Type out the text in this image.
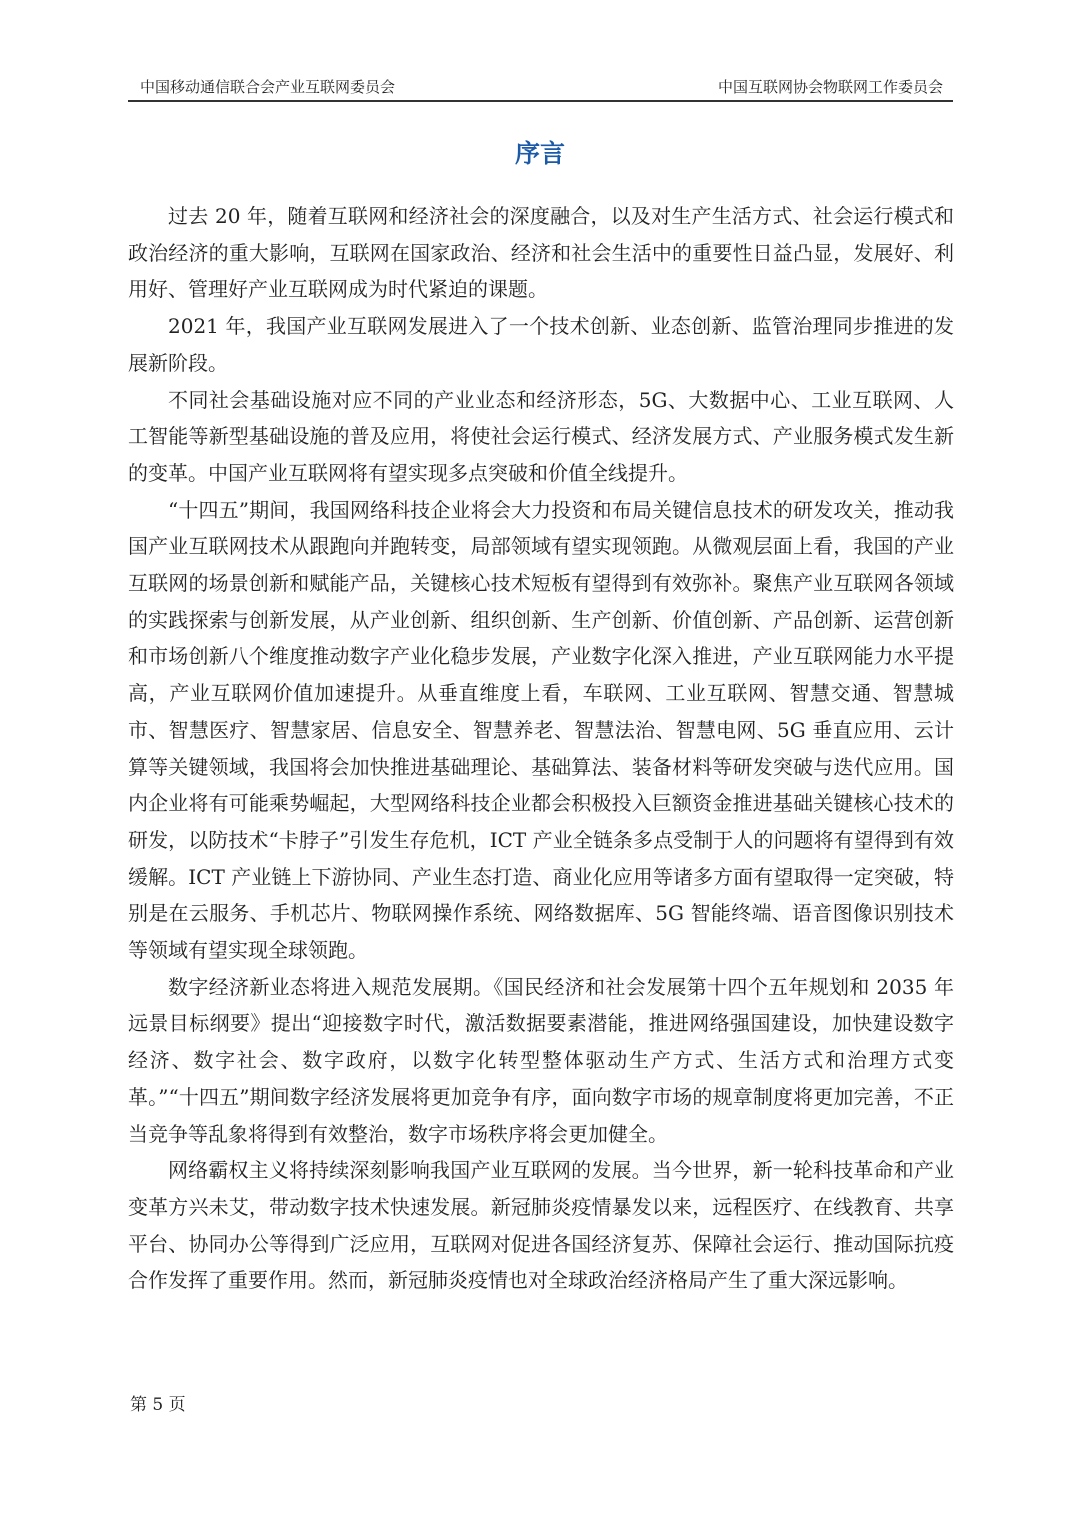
中国移动通信联合会产业互联网委员会	中国互联网协会物联网工作委员会
序言

过去 20 年，随着互联网和经济社会的深度融合，以及对生产生活方式、社会运行模式和政治经济的重大影响，互联网在国家政治、经济和社会生活中的重要性日益凸显，发展好、利用好、管理好产业互联网成为时代紧迫的课题。

2021 年，我国产业互联网发展进入了一个技术创新、业态创新、监管治理同步推进的发展新阶段。

不同社会基础设施对应不同的产业业态和经济形态，5G、大数据中心、工业互联网、人工智能等新型基础设施的普及应用，将使社会运行模式、经济发展方式、产业服务模式发生新的变革。中国产业互联网将有望实现多点突破和价值全线提升。

“十四五”期间，我国网络科技企业将会大力投资和布局关键信息技术的研发攻关，推动我国产业互联网技术从跟跑向并跑转变，局部领域有望实现领跑。从微观层面上看，我国的产业互联网的场景创新和赋能产品，关键核心技术短板有望得到有效弥补。聚焦产业互联网各领域的实践探索与创新发展，从产业创新、组织创新、生产创新、价值创新、产品创新、运营创新和市场创新八个维度推动数字产业化稳步发展，产业数字化深入推进，产业互联网能力水平提高，产业互联网价值加速提升。从垂直维度上看，车联网、工业互联网、智慧交通、智慧城市、智慧医疗、智慧家居、信息安全、智慧养老、智慧法治、智慧电网、5G 垂直应用、云计算等关键领域，我国将会加快推进基础理论、基础算法、装备材料等研发突破与迭代应用。国内企业将有可能乘势崛起，大型网络科技企业都会积极投入巨额资金推进基础关键核心技术的研发，以防技术“卡脖子”引发生存危机，ICT 产业全链条多点受制于人的问题将有望得到有效缓解。ICT 产业链上下游协同、产业生态打造、商业化应用等诸多方面有望取得一定突破，特别是在云服务、手机芯片、物联网操作系统、网络数据库、5G 智能终端、语音图像识别技术等领域有望实现全球领跑。

数字经济新业态将进入规范发展期。《国民经济和社会发展第十四个五年规划和 2035 年远景目标纲要》提出“迎接数字时代，激活数据要素潜能，推进网络强国建设，加快建设数字经济、数字社会、数字政府，以数字化转型整体驱动生产方式、生活方式和治理方式变革。”“十四五”期间数字经济发展将更加竞争有序，面向数字市场的规章制度将更加完善，不正当竞争等乱象将得到有效整治，数字市场秩序将会更加健全。

网络霸权主义将持续深刻影响我国产业互联网的发展。当今世界，新一轮科技革命和产业变革方兴未艾，带动数字技术快速发展。新冠肺炎疫情暴发以来，远程医疗、在线教育、共享平台、协同办公等得到广泛应用，互联网对促进各国经济复苏、保障社会运行、推动国际抗疫合作发挥了重要作用。然而，新冠肺炎疫情也对全球政治经济格局产生了重大深远影响。

第 5 页
